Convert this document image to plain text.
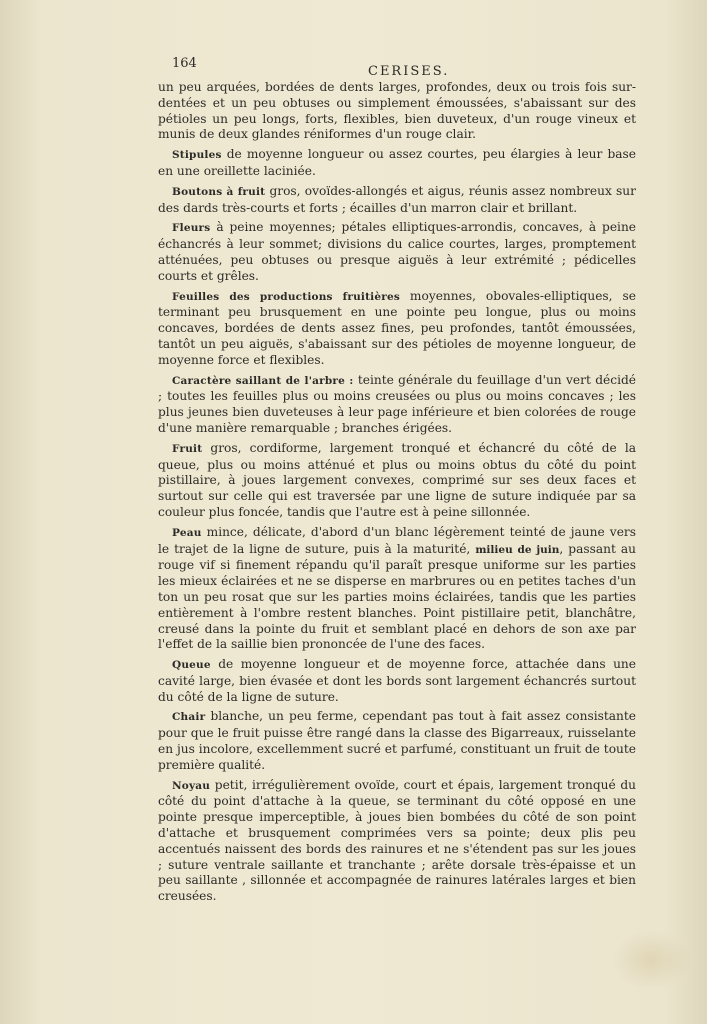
164
CERISES.

un peu arquées, bordées de dents larges, profondes, deux ou trois fois sur-dentées et un peu obtuses ou simplement émoussées, s'abaissant sur des pétioles un peu longs, forts, flexibles, bien duveteux, d'un rouge vineux et munis de deux glandes réniformes d'un rouge clair.

Stipules de moyenne longueur ou assez courtes, peu élargies à leur base en une oreillette laciniée.

Boutons à fruit gros, ovoïdes-allongés et aigus, réunis assez nombreux sur des dards très-courts et forts ; écailles d'un marron clair et brillant.

Fleurs à peine moyennes; pétales elliptiques-arrondis, concaves, à peine échancrés à leur sommet; divisions du calice courtes, larges, promptement atténuées, peu obtuses ou presque aiguës à leur extrémité ; pédicelles courts et grêles.

Feuilles des productions fruitières moyennes, obovales-elliptiques, se terminant peu brusquement en une pointe peu longue, plus ou moins concaves, bordées de dents assez fines, peu profondes, tantôt émoussées, tantôt un peu aiguës, s'abaissant sur des pétioles de moyenne longueur, de moyenne force et flexibles.

Caractère saillant de l'arbre : teinte générale du feuillage d'un vert décidé ; toutes les feuilles plus ou moins creusées ou plus ou moins concaves ; les plus jeunes bien duveteuses à leur page inférieure et bien colorées de rouge d'une manière remarquable ; branches érigées.

Fruit gros, cordiforme, largement tronqué et échancré du côté de la queue, plus ou moins atténué et plus ou moins obtus du côté du point pistillaire, à joues largement convexes, comprimé sur ses deux faces et surtout sur celle qui est traversée par une ligne de suture indiquée par sa couleur plus foncée, tandis que l'autre est à peine sillonnée.

Peau mince, délicate, d'abord d'un blanc légèrement teinté de jaune vers le trajet de la ligne de suture, puis à la maturité, milieu de juin, passant au rouge vif si finement répandu qu'il paraît presque uniforme sur les parties les mieux éclairées et ne se disperse en marbrures ou en petites taches d'un ton un peu rosat que sur les parties moins éclairées, tandis que les parties entièrement à l'ombre restent blanches. Point pistillaire petit, blanchâtre, creusé dans la pointe du fruit et semblant placé en dehors de son axe par l'effet de la saillie bien prononcée de l'une des faces.

Queue de moyenne longueur et de moyenne force, attachée dans une cavité large, bien évasée et dont les bords sont largement échancrés surtout du côté de la ligne de suture.

Chair blanche, un peu ferme, cependant pas tout à fait assez consistante pour que le fruit puisse être rangé dans la classe des Bigarreaux, ruisselante en jus incolore, excellemment sucré et parfumé, constituant un fruit de toute première qualité.

Noyau petit, irrégulièrement ovoïde, court et épais, largement tronqué du côté du point d'attache à la queue, se terminant du côté opposé en une pointe presque imperceptible, à joues bien bombées du côté de son point d'attache et brusquement comprimées vers sa pointe; deux plis peu accentués naissent des bords des rainures et ne s'étendent pas sur les joues ; suture ventrale saillante et tranchante ; arête dorsale très-épaisse et un peu saillante , sillonnée et accompagnée de rainures latérales larges et bien creusées.
